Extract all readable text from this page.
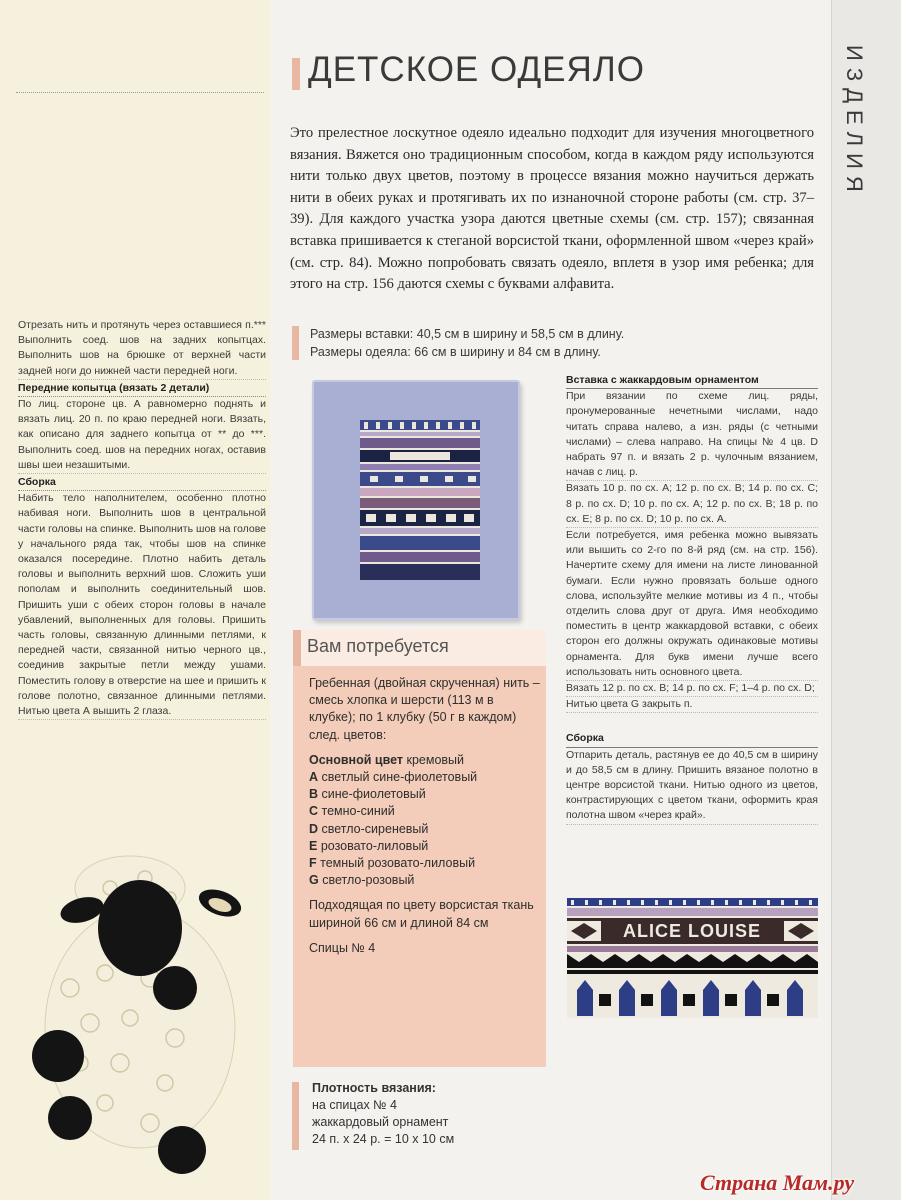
Отрезать нить и протянуть через оставшиеся п.*** Выполнить соед. шов на задних копытцах. Выполнить шов на брюшке от верхней части задней ноги до нижней части передней ноги.

Передние копытца (вязать 2 детали)

По лиц. стороне цв. А равномерно поднять и вязать лиц. 20 п. по краю передней ноги. Вязать, как описано для заднего копытца от ** до ***. Выполнить соед. шов на передних ногах, оставив швы шеи незашитыми.

Сборка

Набить тело наполнителем, особенно плотно набивая ноги. Выполнить шов в центральной части головы на спинке. Выполнить шов на голове у начального ряда так, чтобы шов на спинке оказался посередине. Плотно набить деталь головы и выполнить верхний шов. Сложить уши пополам и выполнить соединительный шов. Пришить уши с обеих сторон головы в начале убавлений, выполненных для головы. Пришить часть головы, связанную длинными петлями, к передней части, связанной нитью черного цв., соединив закрытые петли между ушами. Поместить голову в отверстие на шее и пришить к голове полотно, связанное длинными петлями. Нитью цвета А вышить 2 глаза.

ИЗДЕЛИЯ
ДЕТСКОЕ ОДЕЯЛО

Это прелестное лоскутное одеяло идеально подходит для изучения многоцветного вязания. Вяжется оно традиционным способом, когда в каждом ряду используются нити только двух цветов, поэтому в процессе вязания можно научиться держать нити в обеих руках и протягивать их по изнаночной стороне работы (см. стр. 37–39). Для каждого участка узора даются цветные схемы (см. стр. 157); связанная вставка пришивается к стеганой ворсистой ткани, оформленной швом «через край» (см. стр. 84). Можно попробовать связать одеяло, вплетя в узор имя ребенка; для этого на стр. 156 даются схемы с буквами алфавита.

Размеры вставки: 40,5 см в ширину и 58,5 см в длину.
Размеры одеяла: 66 см в ширину и 84 см в длину.
Вам потребуется
Гребенная (двойная скрученная) нить – смесь хлопка и шерсти (113 м в клубке); по 1 клубку (50 г в каждом) след. цветов:
Основной цвет кремовый
A светлый сине-фиолетовый
B сине-фиолетовый
C темно-синий
D светло-сиреневый
E розовато-лиловый
F темный розовато-лиловый
G светло-розовый
Подходящая по цвету ворсистая ткань шириной 66 см и длиной 84 см
Спицы № 4
Плотность вязания:
на спицах № 4
жаккардовый орнамент
24 п. х 24 р. = 10 х 10 см
Вставка с жаккардовым орнаментом

При вязании по схеме лиц. ряды, пронумерованные нечетными числами, надо читать справа налево, а изн. ряды (с четными числами) – слева направо. На спицы № 4 цв. D набрать 97 п. и вязать 2 р. чулочным вязанием, начав с лиц. р.

Вязать 10 р. по сх. A; 12 р. по сх. B; 14 р. по сх. C; 8 р. по сх. D; 10 р. по сх. A; 12 р. по сх. B; 18 р. по сх. E; 8 р. по сх. D; 10 р. по сх. A.

Если потребуется, имя ребенка можно вывязать или вышить со 2-го по 8-й ряд (см. на стр. 156). Начертите схему для имени на листе линованной бумаги. Если нужно провязать больше одного слова, используйте мелкие мотивы из 4 п., чтобы отделить слова друг от друга. Имя необходимо поместить в центр жаккардовой вставки, с обеих сторон его должны окружать одинаковые мотивы орнамента. Для букв имени лучше всего использовать нить основного цвета.

Вязать 12 р. по сх. B; 14 р. по сх. F; 1–4 р. по сх. D;

Нитью цвета G закрыть п.

Сборка

Отпарить деталь, растянув ее до 40,5 см в ширину и до 58,5 см в длину. Пришить вязаное полотно в центре ворсистой ткани. Нитью одного из цветов, контрастирующих с цветом ткани, оформить края полотна швом «через край».

ALICE LOUISE
Страна Мам.ру
